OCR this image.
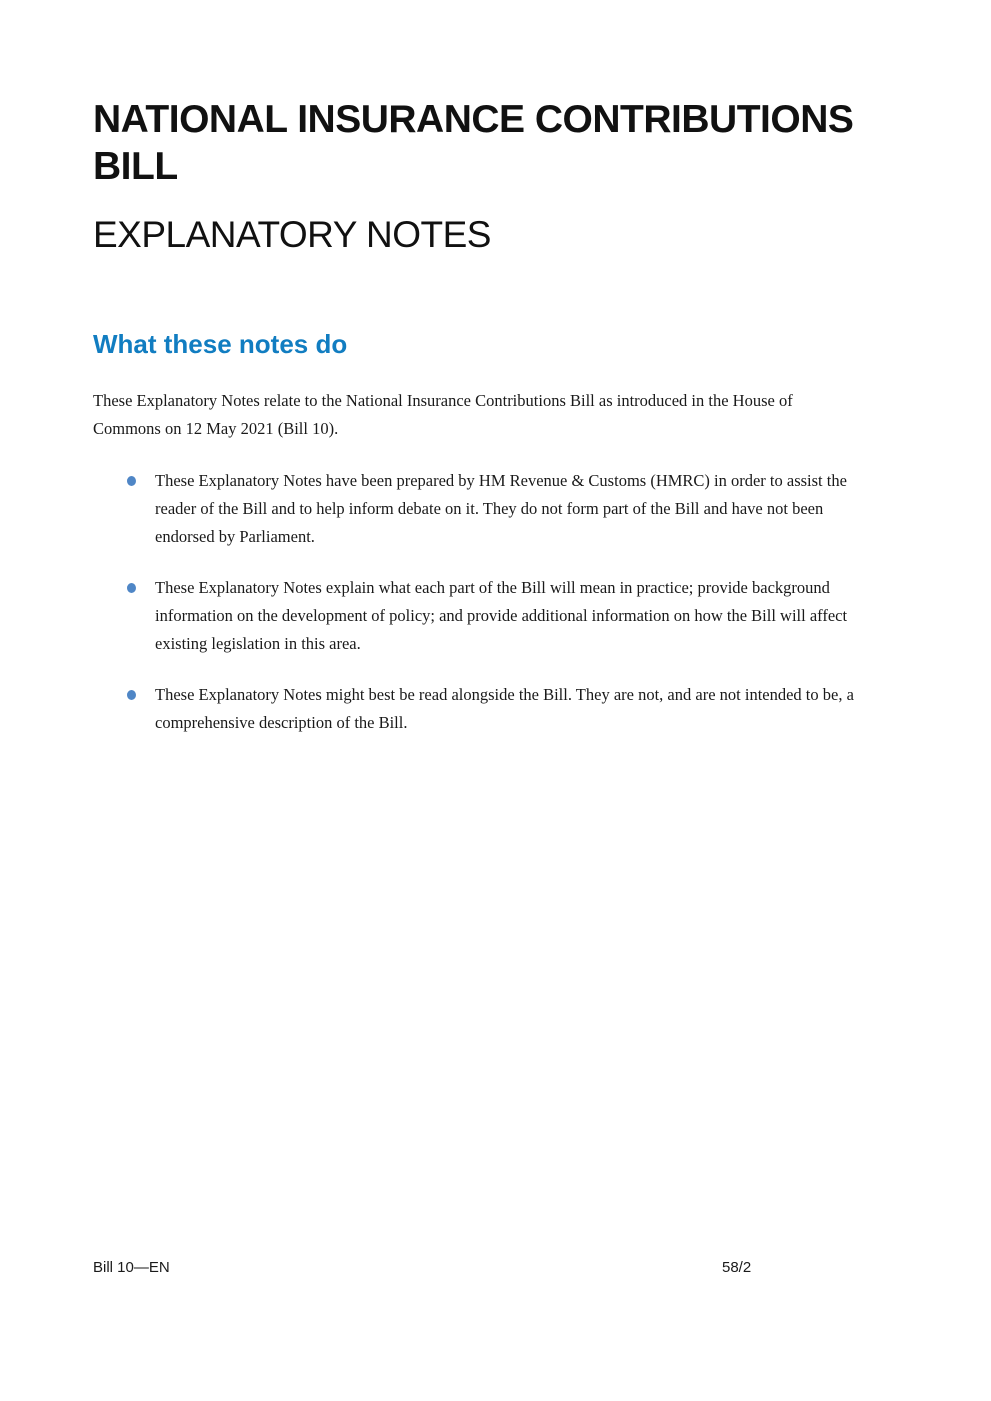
NATIONAL INSURANCE CONTRIBUTIONS
BILL
EXPLANATORY NOTES
What these notes do

These Explanatory Notes relate to the National Insurance Contributions Bill as introduced in the House of Commons on 12 May 2021 (Bill 10).

These Explanatory Notes have been prepared by HM Revenue & Customs (HMRC) in order to assist the reader of the Bill and to help inform debate on it. They do not form part of the Bill and have not been endorsed by Parliament.
These Explanatory Notes explain what each part of the Bill will mean in practice; provide background information on the development of policy; and provide additional information on how the Bill will affect existing legislation in this area.
These Explanatory Notes might best be read alongside the Bill. They are not, and are not intended to be, a comprehensive description of the Bill.
Bill 10—EN	58/2
